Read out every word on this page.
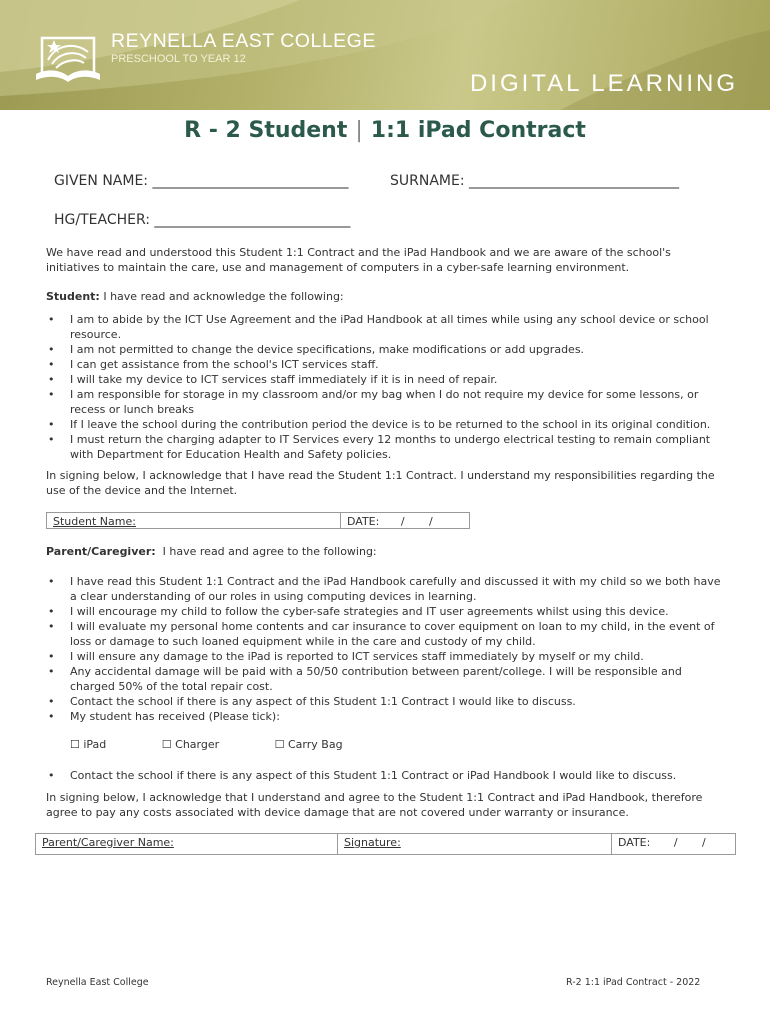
REYNELLA EAST COLLEGE
PRESCHOOL TO YEAR 12
DIGITAL LEARNING
R - 2 Student | 1:1 iPad Contract
GIVEN NAME: ____________________________	SURNAME: ______________________________
HG/TEACHER: ____________________________
We have read and understood this Student 1:1 Contract and the iPad Handbook and we are aware of the school's initiatives to maintain the care, use and management of computers in a cyber-safe learning environment.
Student: I have read and acknowledge the following:
• I am to abide by the ICT Use Agreement and the iPad Handbook at all times while using any school device or school resource.
• I am not permitted to change the device specifications, make modifications or add upgrades.
• I can get assistance from the school's ICT services staff.
• I will take my device to ICT services staff immediately if it is in need of repair.
• I am responsible for storage in my classroom and/or my bag when I do not require my device for some lessons, or recess or lunch breaks
• If I leave the school during the contribution period the device is to be returned to the school in its original condition.
• I must return the charging adapter to IT Services every 12 months to undergo electrical testing to remain compliant with Department for Education Health and Safety policies.
In signing below, I acknowledge that I have read the Student 1:1 Contract. I understand my responsibilities regarding the use of the device and the Internet.
Student Name:	DATE: /       /
Parent/Caregiver:  I have read and agree to the following:
• I have read this Student 1:1 Contract and the iPad Handbook carefully and discussed it with my child so we both have a clear understanding of our roles in using computing devices in learning.
• I will encourage my child to follow the cyber-safe strategies and IT user agreements whilst using this device.
• I will evaluate my personal home contents and car insurance to cover equipment on loan to my child, in the event of loss or damage to such loaned equipment while in the care and custody of my child.
• I will ensure any damage to the iPad is reported to ICT services staff immediately by myself or my child.
• Any accidental damage will be paid with a 50/50 contribution between parent/college. I will be responsible and charged 50% of the total repair cost.
• Contact the school if there is any aspect of this Student 1:1 Contract I would like to discuss.
• My student has received (Please tick):
☐ iPad	☐ Charger	☐ Carry Bag
• Contact the school if there is any aspect of this Student 1:1 Contract or iPad Handbook I would like to discuss.
In signing below, I acknowledge that I understand and agree to the Student 1:1 Contract and iPad Handbook, therefore agree to pay any costs associated with device damage that are not covered under warranty or insurance.
Parent/Caregiver Name:	Signature:	DATE: /       /
Reynella East College	R-2 1:1 iPad Contract - 2022
